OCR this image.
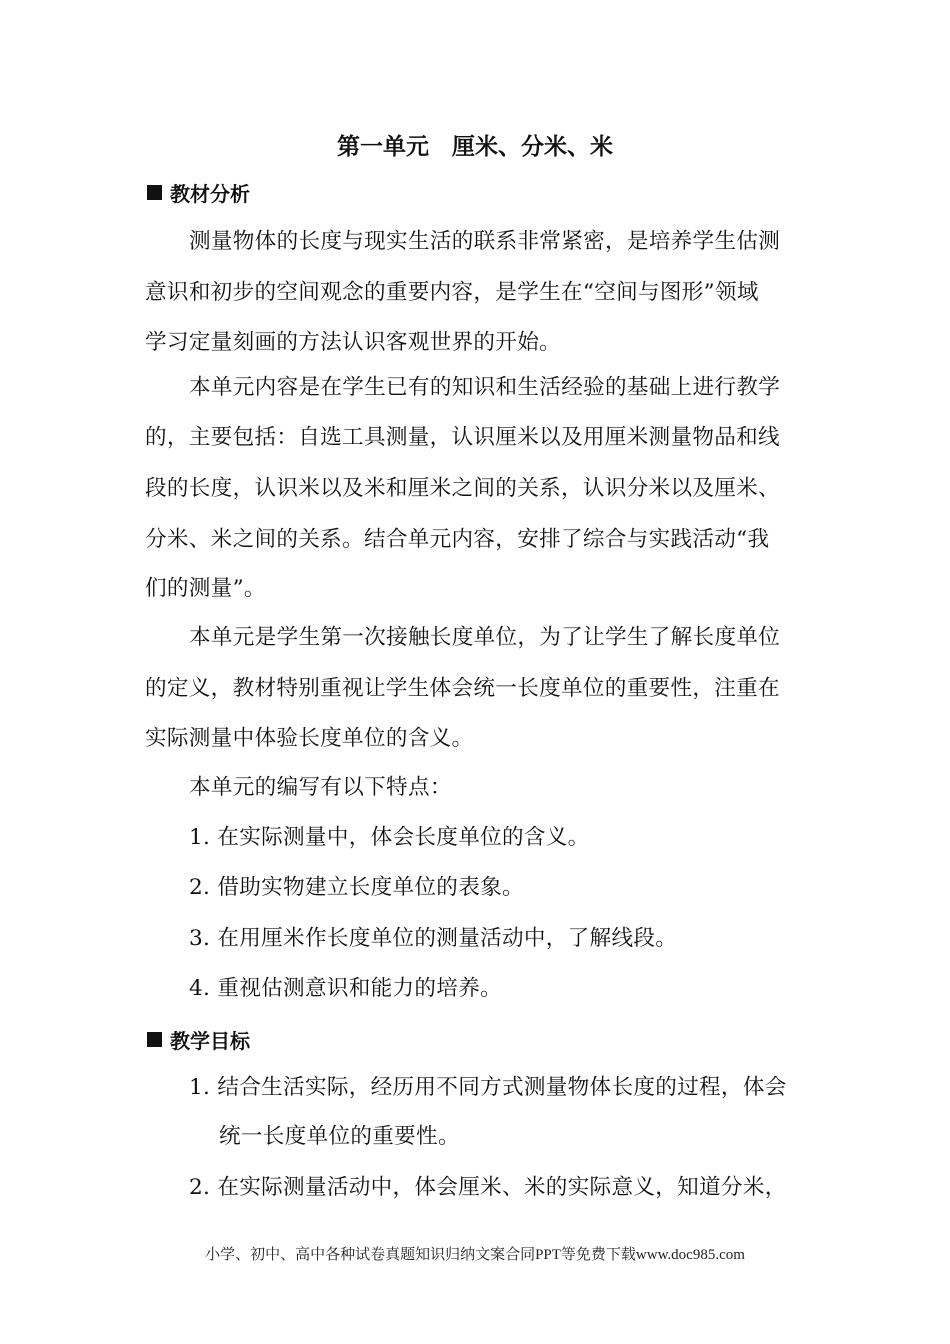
第一单元　厘米、分米、米
教材分析
测量物体的长度与现实生活的联系非常紧密，是培养学生估测
意识和初步的空间观念的重要内容，是学生在“空间与图形”领域
学习定量刻画的方法认识客观世界的开始。
本单元内容是在学生已有的知识和生活经验的基础上进行教学
的，主要包括：自选工具测量，认识厘米以及用厘米测量物品和线
段的长度，认识米以及米和厘米之间的关系，认识分米以及厘米、
分米、米之间的关系。结合单元内容，安排了综合与实践活动“我
们的测量”。
本单元是学生第一次接触长度单位，为了让学生了解长度单位
的定义，教材特别重视让学生体会统一长度单位的重要性，注重在
实际测量中体验长度单位的含义。
本单元的编写有以下特点：
1. 在实际测量中，体会长度单位的含义。
2. 借助实物建立长度单位的表象。
3. 在用厘米作长度单位的测量活动中，了解线段。
4. 重视估测意识和能力的培养。
教学目标
1. 结合生活实际，经历用不同方式测量物体长度的过程，体会
统一长度单位的重要性。
2. 在实际测量活动中，体会厘米、米的实际意义，知道分米，
小学、初中、高中各种试卷真题知识归纳文案合同PPT等免费下载www.doc985.com
